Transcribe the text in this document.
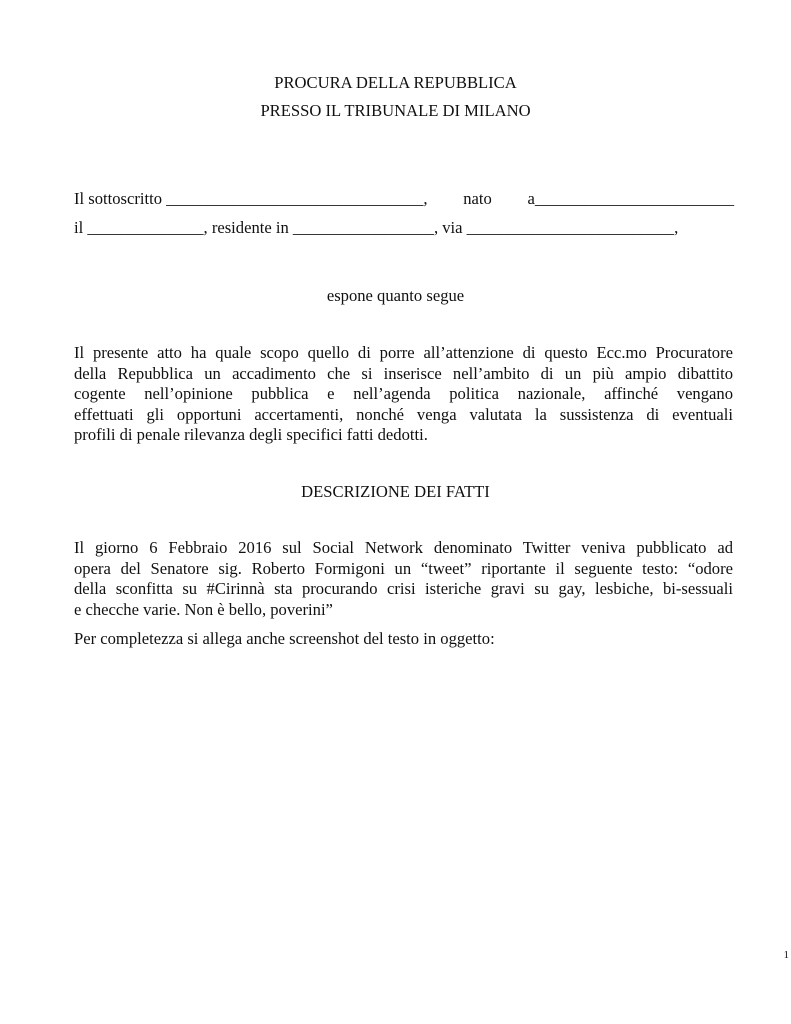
PROCURA DELLA REPUBBLICA
PRESSO IL TRIBUNALE DI MILANO
Il sottoscritto _______________________________, nato a________________________
il ______________, residente in _________________, via _________________________,
espone quanto segue
Il presente atto ha quale scopo quello di porre all’attenzione di questo Ecc.mo Procuratore
della Repubblica un accadimento che si inserisce nell’ambito di un più ampio dibattito
cogente nell’opinione pubblica e nell’agenda politica nazionale, affinché vengano
effettuati gli opportuni accertamenti, nonché venga valutata la sussistenza di eventuali
profili di penale rilevanza degli specifici fatti dedotti.
DESCRIZIONE DEI FATTI
Il giorno 6 Febbraio 2016 sul Social Network denominato Twitter veniva pubblicato ad
opera del Senatore sig. Roberto Formigoni un “tweet” riportante il seguente testo: “odore
della sconfitta su #Cirinnà sta procurando crisi isteriche gravi su gay, lesbiche, bi-sessuali
e checche varie. Non è bello, poverini”
Per completezza si allega anche screenshot del testo in oggetto:
1
